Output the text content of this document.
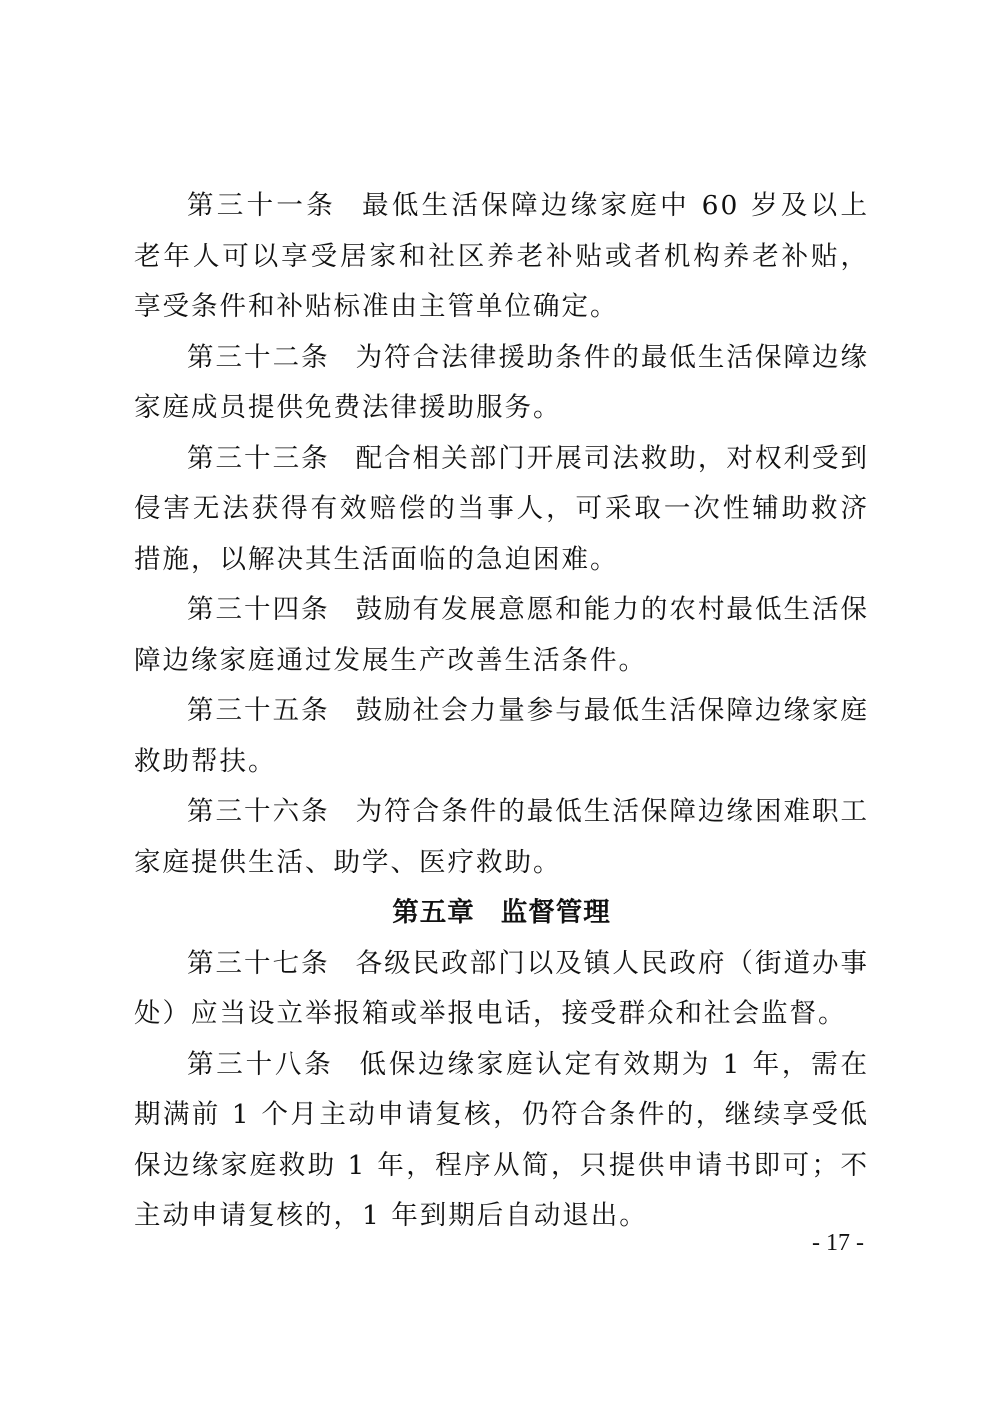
第三十一条 最低生活保障边缘家庭中 60 岁及以上老年人可以享受居家和社区养老补贴或者机构养老补贴，享受条件和补贴标准由主管单位确定。

第三十二条 为符合法律援助条件的最低生活保障边缘家庭成员提供免费法律援助服务。

第三十三条 配合相关部门开展司法救助，对权利受到侵害无法获得有效赔偿的当事人，可采取一次性辅助救济措施，以解决其生活面临的急迫困难。

第三十四条 鼓励有发展意愿和能力的农村最低生活保障边缘家庭通过发展生产改善生活条件。

第三十五条 鼓励社会力量参与最低生活保障边缘家庭救助帮扶。

第三十六条 为符合条件的最低生活保障边缘困难职工家庭提供生活、助学、医疗救助。

第五章 监督管理

第三十七条 各级民政部门以及镇人民政府（街道办事处）应当设立举报箱或举报电话，接受群众和社会监督。

第三十八条 低保边缘家庭认定有效期为 1 年，需在期满前 1 个月主动申请复核，仍符合条件的，继续享受低保边缘家庭救助 1 年，程序从简，只提供申请书即可；不主动申请复核的，1 年到期后自动退出。

- 17 -
